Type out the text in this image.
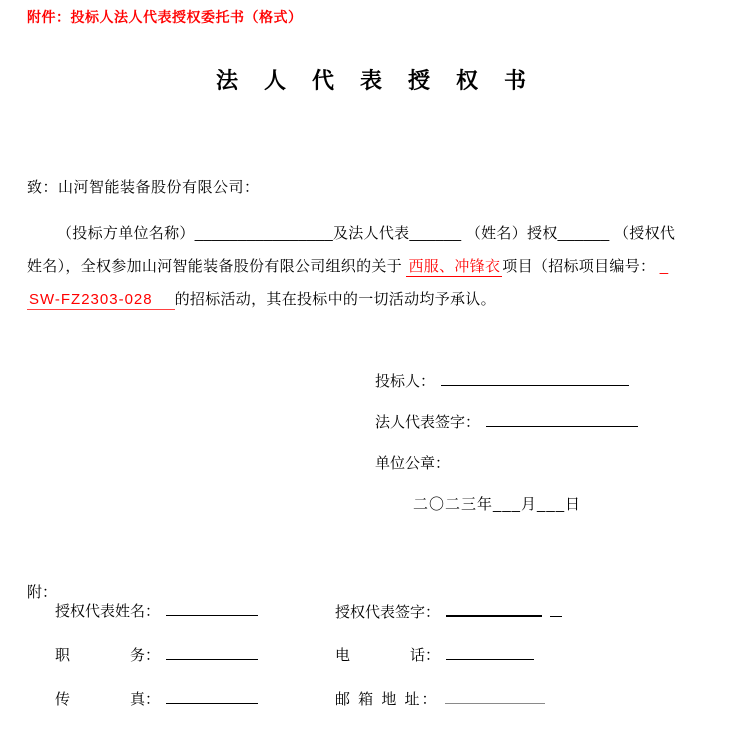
附件：投标人法人代表授权委托书（格式）
法　人　代　表　授　权　书
致：山河智能装备股份有限公司：
（投标方单位名称）________________及法人代表______ （姓名）授权______ （授权代
姓名），全权参加山河智能装备股份有限公司组织的关于 西服、冲锋衣 项目（招标项目编号： _
SW-FZ2303-028 的招标活动，其在投标中的一切活动均予承认。
投标人：
法人代表签字：
单位公章：
二〇二三年___月___日
附：
授权代表姓名：	授权代表签字：
职　　　　务：	电　　　　话：
传　　　　真：	邮 箱 地 址：
